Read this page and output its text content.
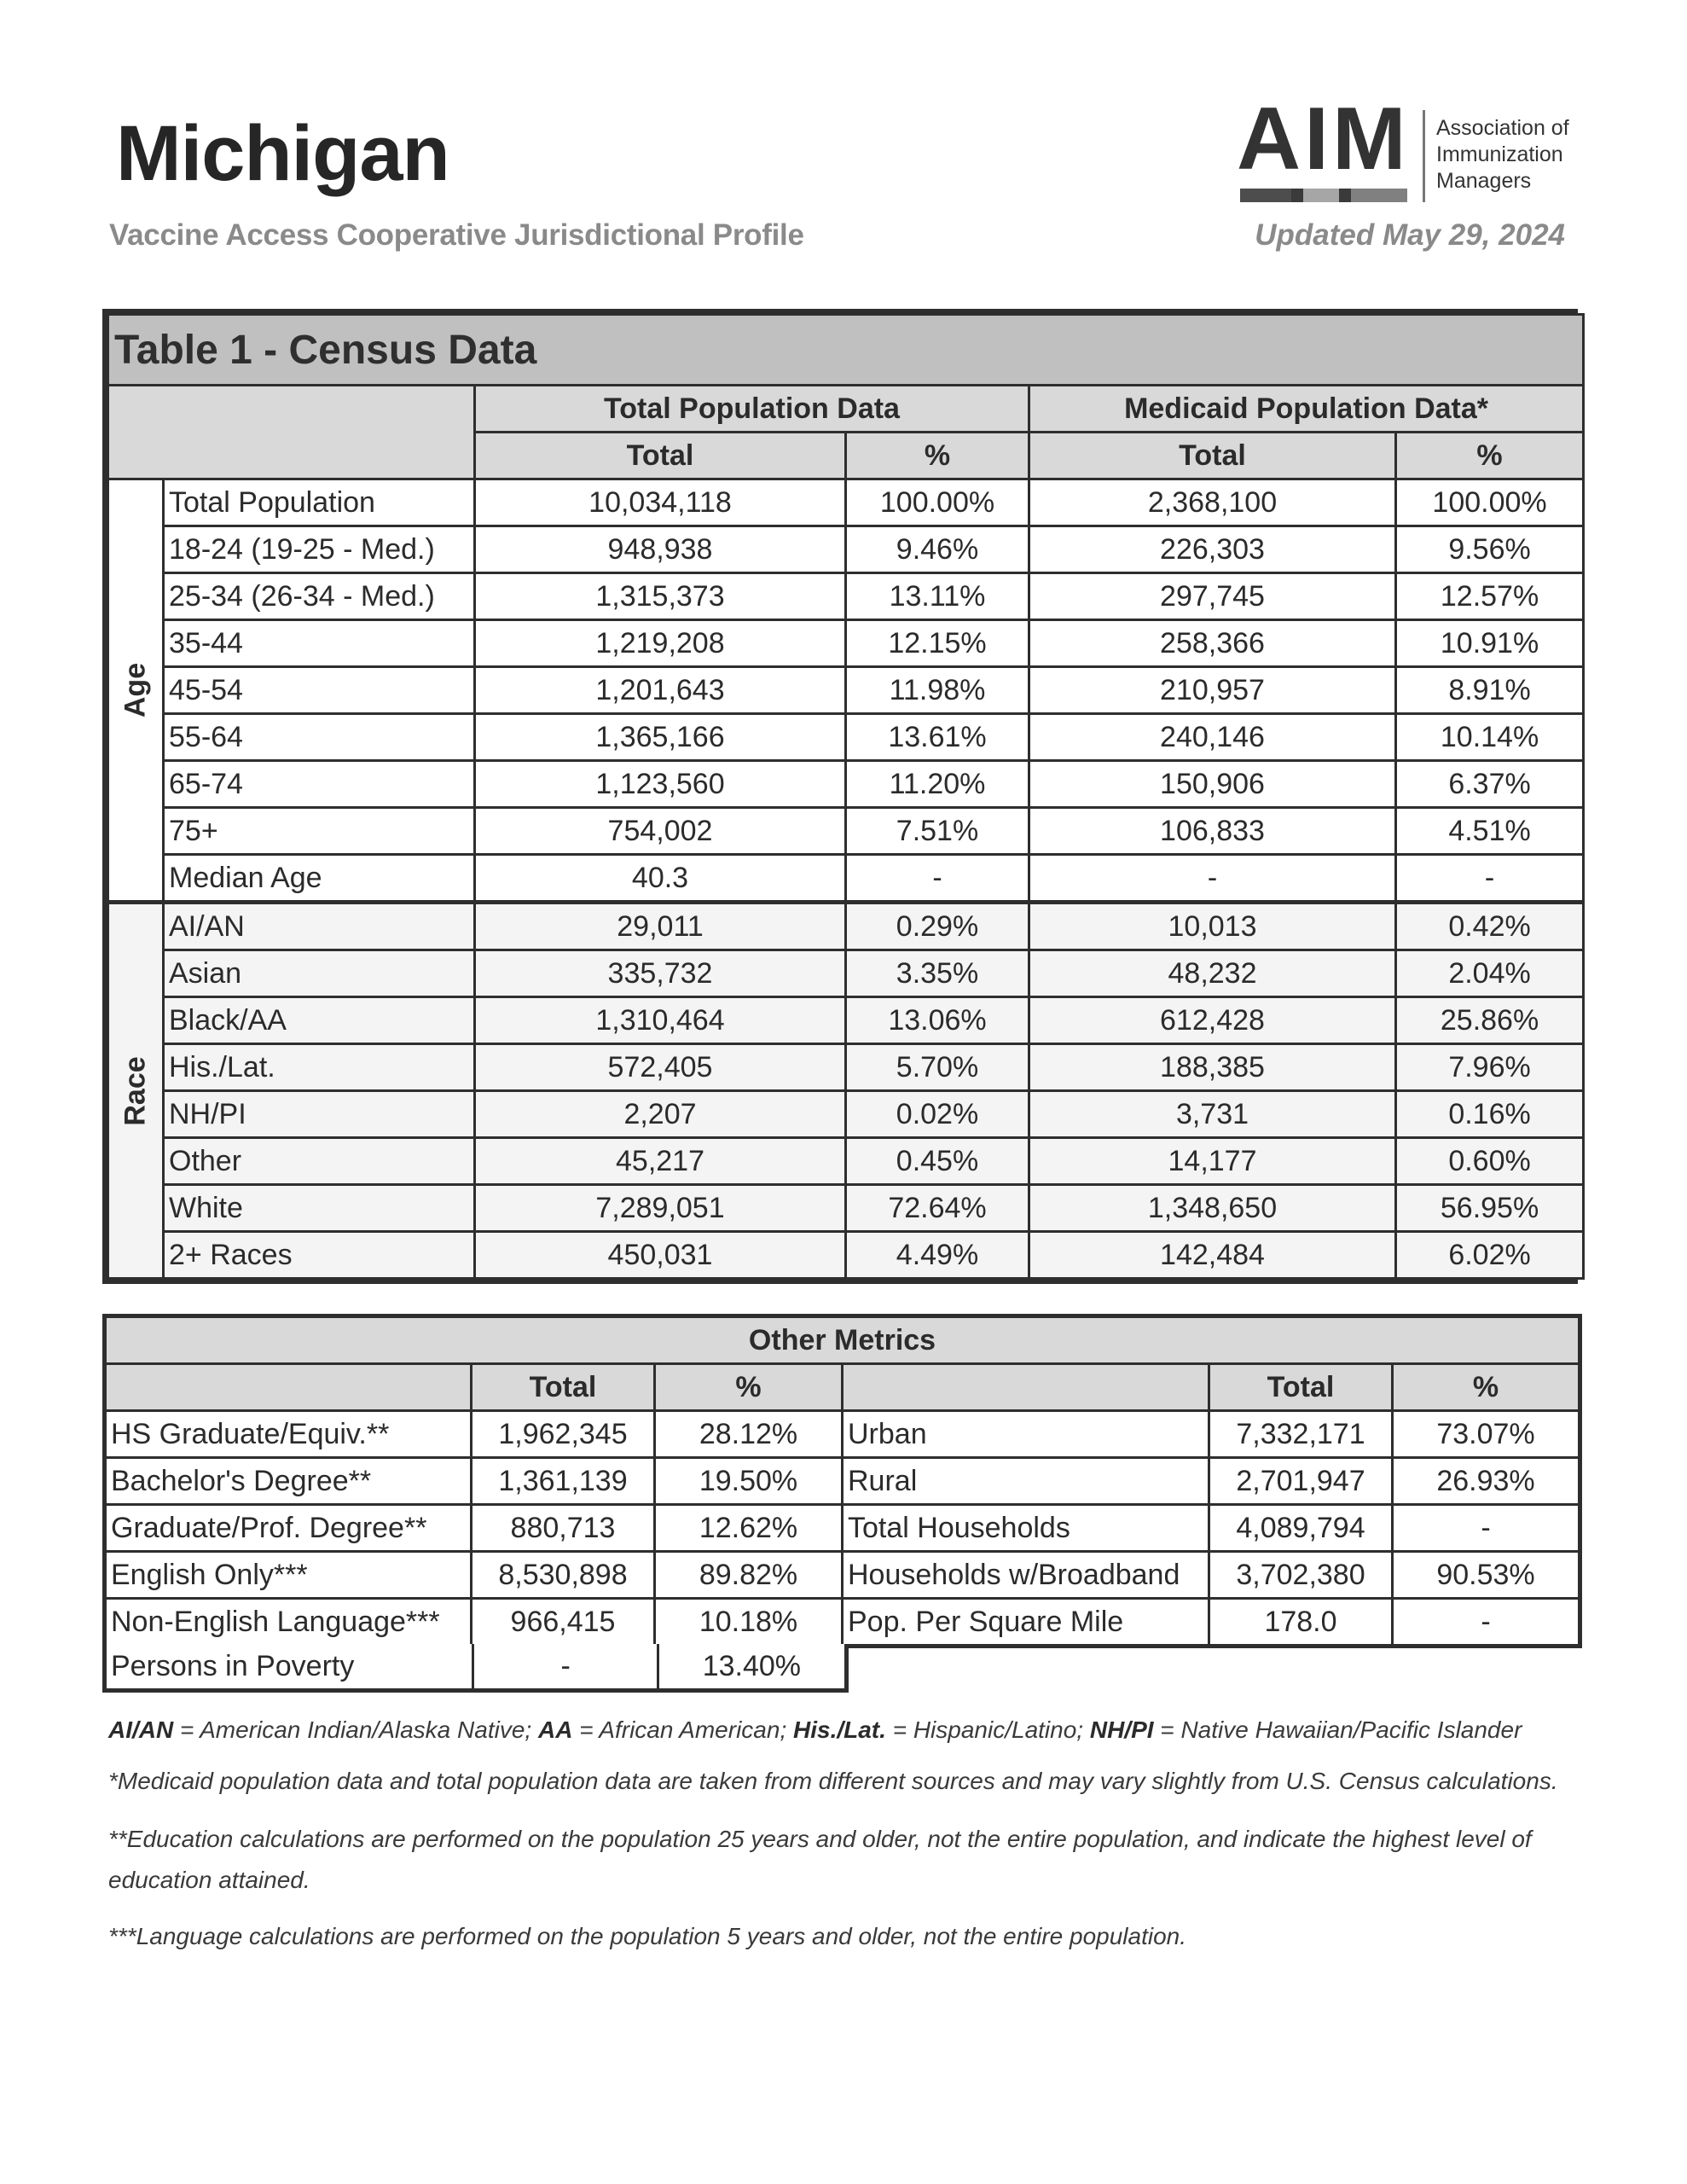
Michigan
Vaccine Access Cooperative Jurisdictional Profile
AIM Association of
Immunization
Managers
Updated May 29, 2024
Table 1 - Census Data					
		Total Population Data		Medicaid Population Data*	
		Total	%	Total	%

Age	Total Population	10,034,118	100.00%	2,368,100	100.00%
	18-24 (19-25 - Med.)	948,938	9.46%	226,303	9.56%
	25-34 (26-34 - Med.)	1,315,373	13.11%	297,745	12.57%
	35-44	1,219,208	12.15%	258,366	10.91%
	45-54	1,201,643	11.98%	210,957	8.91%
	55-64	1,365,166	13.61%	240,146	10.14%
	65-74	1,123,560	11.20%	150,906	6.37%
	75+	754,002	7.51%	106,833	4.51%
	Median Age	40.3	-	-	-

Race	AI/AN	29,011	0.29%	10,013	0.42%
	Asian	335,732	3.35%	48,232	2.04%
	Black/AA	1,310,464	13.06%	612,428	25.86%
	His./Lat.	572,405	5.70%	188,385	7.96%
	NH/PI	2,207	0.02%	3,731	0.16%
	Other	45,217	0.45%	14,177	0.60%
	White	7,289,051	72.64%	1,348,650	56.95%
	2+ Races	450,031	4.49%	142,484	6.02%
Other Metrics					
	Total	%		Total	%
HS Graduate/Equiv.**	1,962,345	28.12%	Urban	7,332,171	73.07%
Bachelor's Degree**	1,361,139	19.50%	Rural	2,701,947	26.93%
Graduate/Prof. Degree**	880,713	12.62%	Total Households	4,089,794	-
English Only***	8,530,898	89.82%	Households w/Broadband	3,702,380	90.53%
Non-English Language***	966,415	10.18%	Pop. Per Square Mile	178.0	-
Persons in Poverty	-	13.40%
AI/AN = American Indian/Alaska Native; AA = African American; His./Lat. = Hispanic/Latino; NH/PI = Native Hawaiian/Pacific Islander
*Medicaid population data and total population data are taken from different sources and may vary slightly from U.S. Census calculations.
**Education calculations are performed on the population 25 years and older, not the entire population, and indicate the highest level of
education attained.
***Language calculations are performed on the population 5 years and older, not the entire population.
